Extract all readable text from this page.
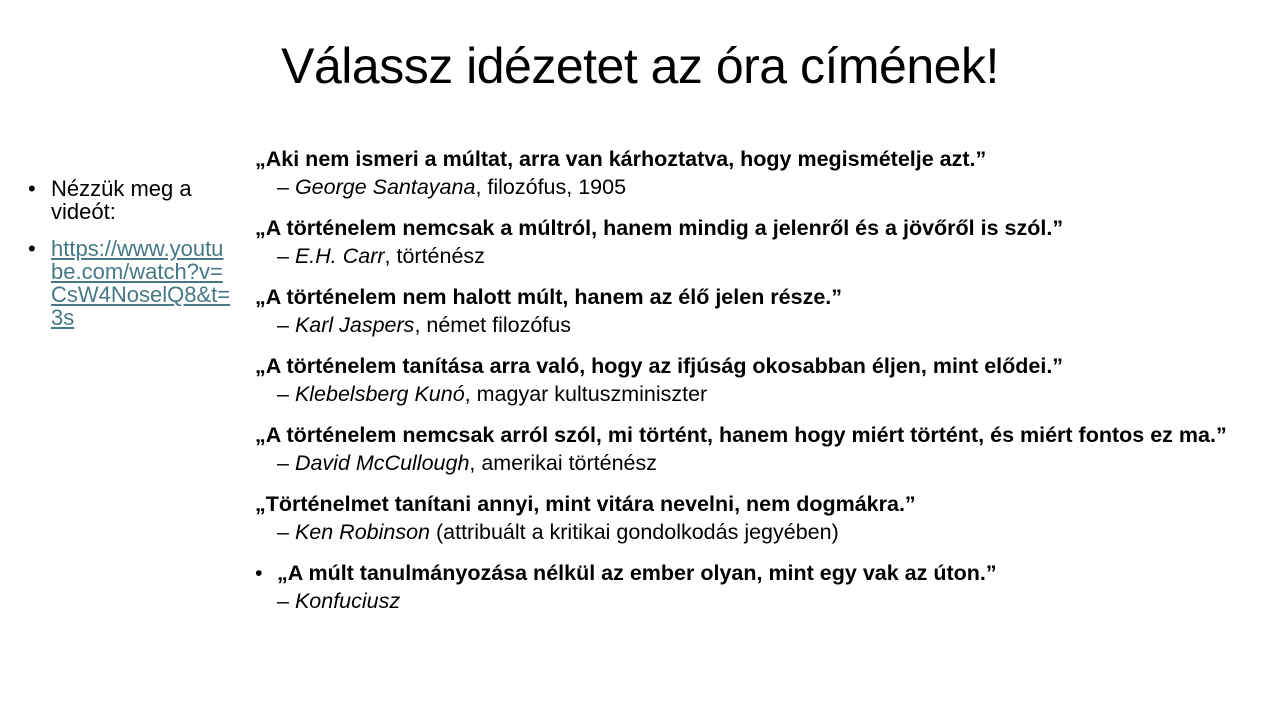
Válassz idézetet az óra címének!
• Nézzük meg a videót:
• https://www.youtube.com/watch?v=CsW4NoselQ8&t=3s
„Aki nem ismeri a múltat, arra van kárhoztatva, hogy megismételje azt.”
– George Santayana, filozófus, 1905
„A történelem nemcsak a múltról, hanem mindig a jelenről és a jövőről is szól.”
– E.H. Carr, történész
„A történelem nem halott múlt, hanem az élő jelen része.”
– Karl Jaspers, német filozófus
„A történelem tanítása arra való, hogy az ifjúság okosabban éljen, mint elődei.”
– Klebelsberg Kunó, magyar kultuszminiszter
„A történelem nemcsak arról szól, mi történt, hanem hogy miért történt, és miért fontos ez ma.”
– David McCullough, amerikai történész
„Történelmet tanítani annyi, mint vitára nevelni, nem dogmákra.”
– Ken Robinson (attribuált a kritikai gondolkodás jegyében)
• „A múlt tanulmányozása nélkül az ember olyan, mint egy vak az úton.”
– Konfuciusz
